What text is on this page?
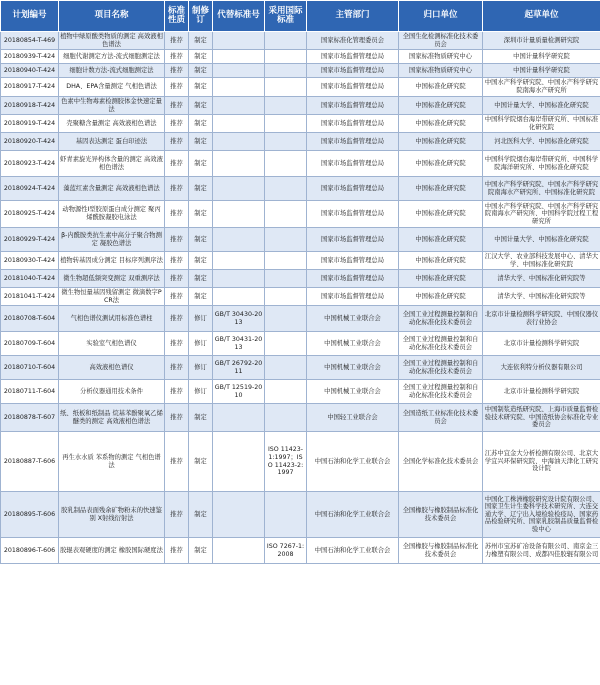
计划编号	项目名称	标准性质	制修订	代替标准号	采用国际标准	主管部门	归口单位	起草单位
20180854-T-469	植物中绿原酸类物质的测定 高效液相色谱法	推荐	制定			国家标准化管理委员会	全国生化检测标准化技术委员会	深圳市计量质量检测研究院
20180939-T-424	细胞代谢测定方法-流式细胞测定法	推荐	制定			国家市场监督管理总局	国家标准物质研究中心	中国计量科学研究院
20180940-T-424	细胞计数方法-流式细胞测定法	推荐	制定			国家市场监督管理总局	国家标准物质研究中心	中国计量科学研究院
20180917-T-424	DHA、EPA含量测定 气相色谱法	推荐	制定			国家市场监督管理总局	中国标准化研究院	中国水产科学研究院、中国水产科学研究院南海水产研究所
20180918-T-424	色素中生物毒素检测胶体金快速定量法	推荐	制定			国家市场监督管理总局	中国标准化研究院	中国计量大学、中国标准化研究院
20180919-T-424	壳聚糖含量测定 高效液相色谱法	推荐	制定			国家市场监督管理总局	中国标准化研究院	中国科学院烟台海岸带研究所、中国标准化研究院
20180920-T-424	基因表达测定 蛋白印迹法	推荐	制定			国家市场监督管理总局	中国标准化研究院	河北医科大学、中国标准化研究院
20180923-T-424	虾青素旋光异构体含量的测定 高效液相色谱法	推荐	制定			国家市场监督管理总局	中国标准化研究院	中国科学院烟台海岸带研究所、中国科学院海洋研究所、中国标准化研究院
20180924-T-424	藻蓝红素含量测定 高效液相色谱法	推荐	制定			国家市场监督管理总局	中国标准化研究院	中国水产科学研究院、中国水产科学研究院南海水产研究所、中国标准化研究院
20180925-T-424	动物源性I型胶原蛋白成分测定 聚丙烯酰胺凝胶电泳法	推荐	制定			国家市场监督管理总局	中国标准化研究院	中国水产科学研究院、中国水产科学研究院南海水产研究所、中国科学院过程工程研究所
20180929-T-424	β-内酰胺类抗生素中高分子聚合物测定 凝胶色谱法	推荐	制定			国家市场监督管理总局	中国标准化研究院	中国计量大学、中国标准化研究院
20180930-T-424	植物转基因成分测定 目标序列测序法	推荐	制定			国家市场监督管理总局	中国标准化研究院	江汉大学、农业部科技发展中心、清华大学、中国标准化研究院
20181040-T-424	微生物超低频突变测定 双重测序法	推荐	制定			国家市场监督管理总局	中国标准化研究院	清华大学、中国标准化研究院等
20181041-T-424	微生物恒量基因残留测定 微滴数字PCR法	推荐	制定			国家市场监督管理总局	中国标准化研究院	清华大学、中国标准化研究院等
20180708-T-604	气相色谱仪测试用标准色谱柱	推荐	修订	GB/T 30430-2013		中国机械工业联合会	全国工业过程测量控制和自动化标准化技术委员会	北京市计量检测科学研究院、中国仪器仪表行业协会
20180709-T-604	实验室气相色谱仪	推荐	修订	GB/T 30431-2013		中国机械工业联合会	全国工业过程测量控制和自动化标准化技术委员会	北京市计量检测科学研究院
20180710-T-604	高效液相色谱仪	推荐	修订	GB/T 26792-2011		中国机械工业联合会	全国工业过程测量控制和自动化标准化技术委员会	大连依利特分析仪器有限公司
20180711-T-604	分析仪器通用技术条件	推荐	修订	GB/T 12519-2010		中国机械工业联合会	全国工业过程测量控制和自动化标准化技术委员会	北京市计量检测科学研究院
20180878-T-607	纸、纸板和纸制品 烷基苯酚聚氧乙烯醚类的测定 高效液相色谱法	推荐	制定			中国轻工业联合会	全国造纸工业标准化技术委员会	中国制浆造纸研究院、上海市质量监督检验技术研究院、中国造纸协会标准化专业委员会
20180887-T-606	再生水水质 苯系物的测定 气相色谱法	推荐	制定		ISO 11423-1:1997；ISO 11423-2:1997	中国石油和化学工业联合会	全国化学标准化技术委员会	江苏中宜金大分析检测有限公司、北京大学宜兴环保研究院、中海油天津化工研究设计院
20180895-T-606	胶乳制品表面残余矿物粉末的快速鉴别 X射线衍射法	推荐	制定			中国石油和化学工业联合会	全国橡胶与橡胶制品标准化技术委员会	中国化工株洲橡胶研究设计院有限公司、国家卫生计生委科学技术研究所、大连交通大学、辽宁出入境检验检疫局、国家药品检验研究所、国家乳胶制品质量监督检验中心
20180896-T-606	胶辊表观硬度的测定 橡胶国际硬度法	推荐	制定		ISO 7267-1:2008	中国石油和化学工业联合会	全国橡胶与橡胶制品标准化技术委员会	苏州市宝苏矿冶设备有限公司、南京金三力橡塑有限公司、成都四佳胶辊有限公司
